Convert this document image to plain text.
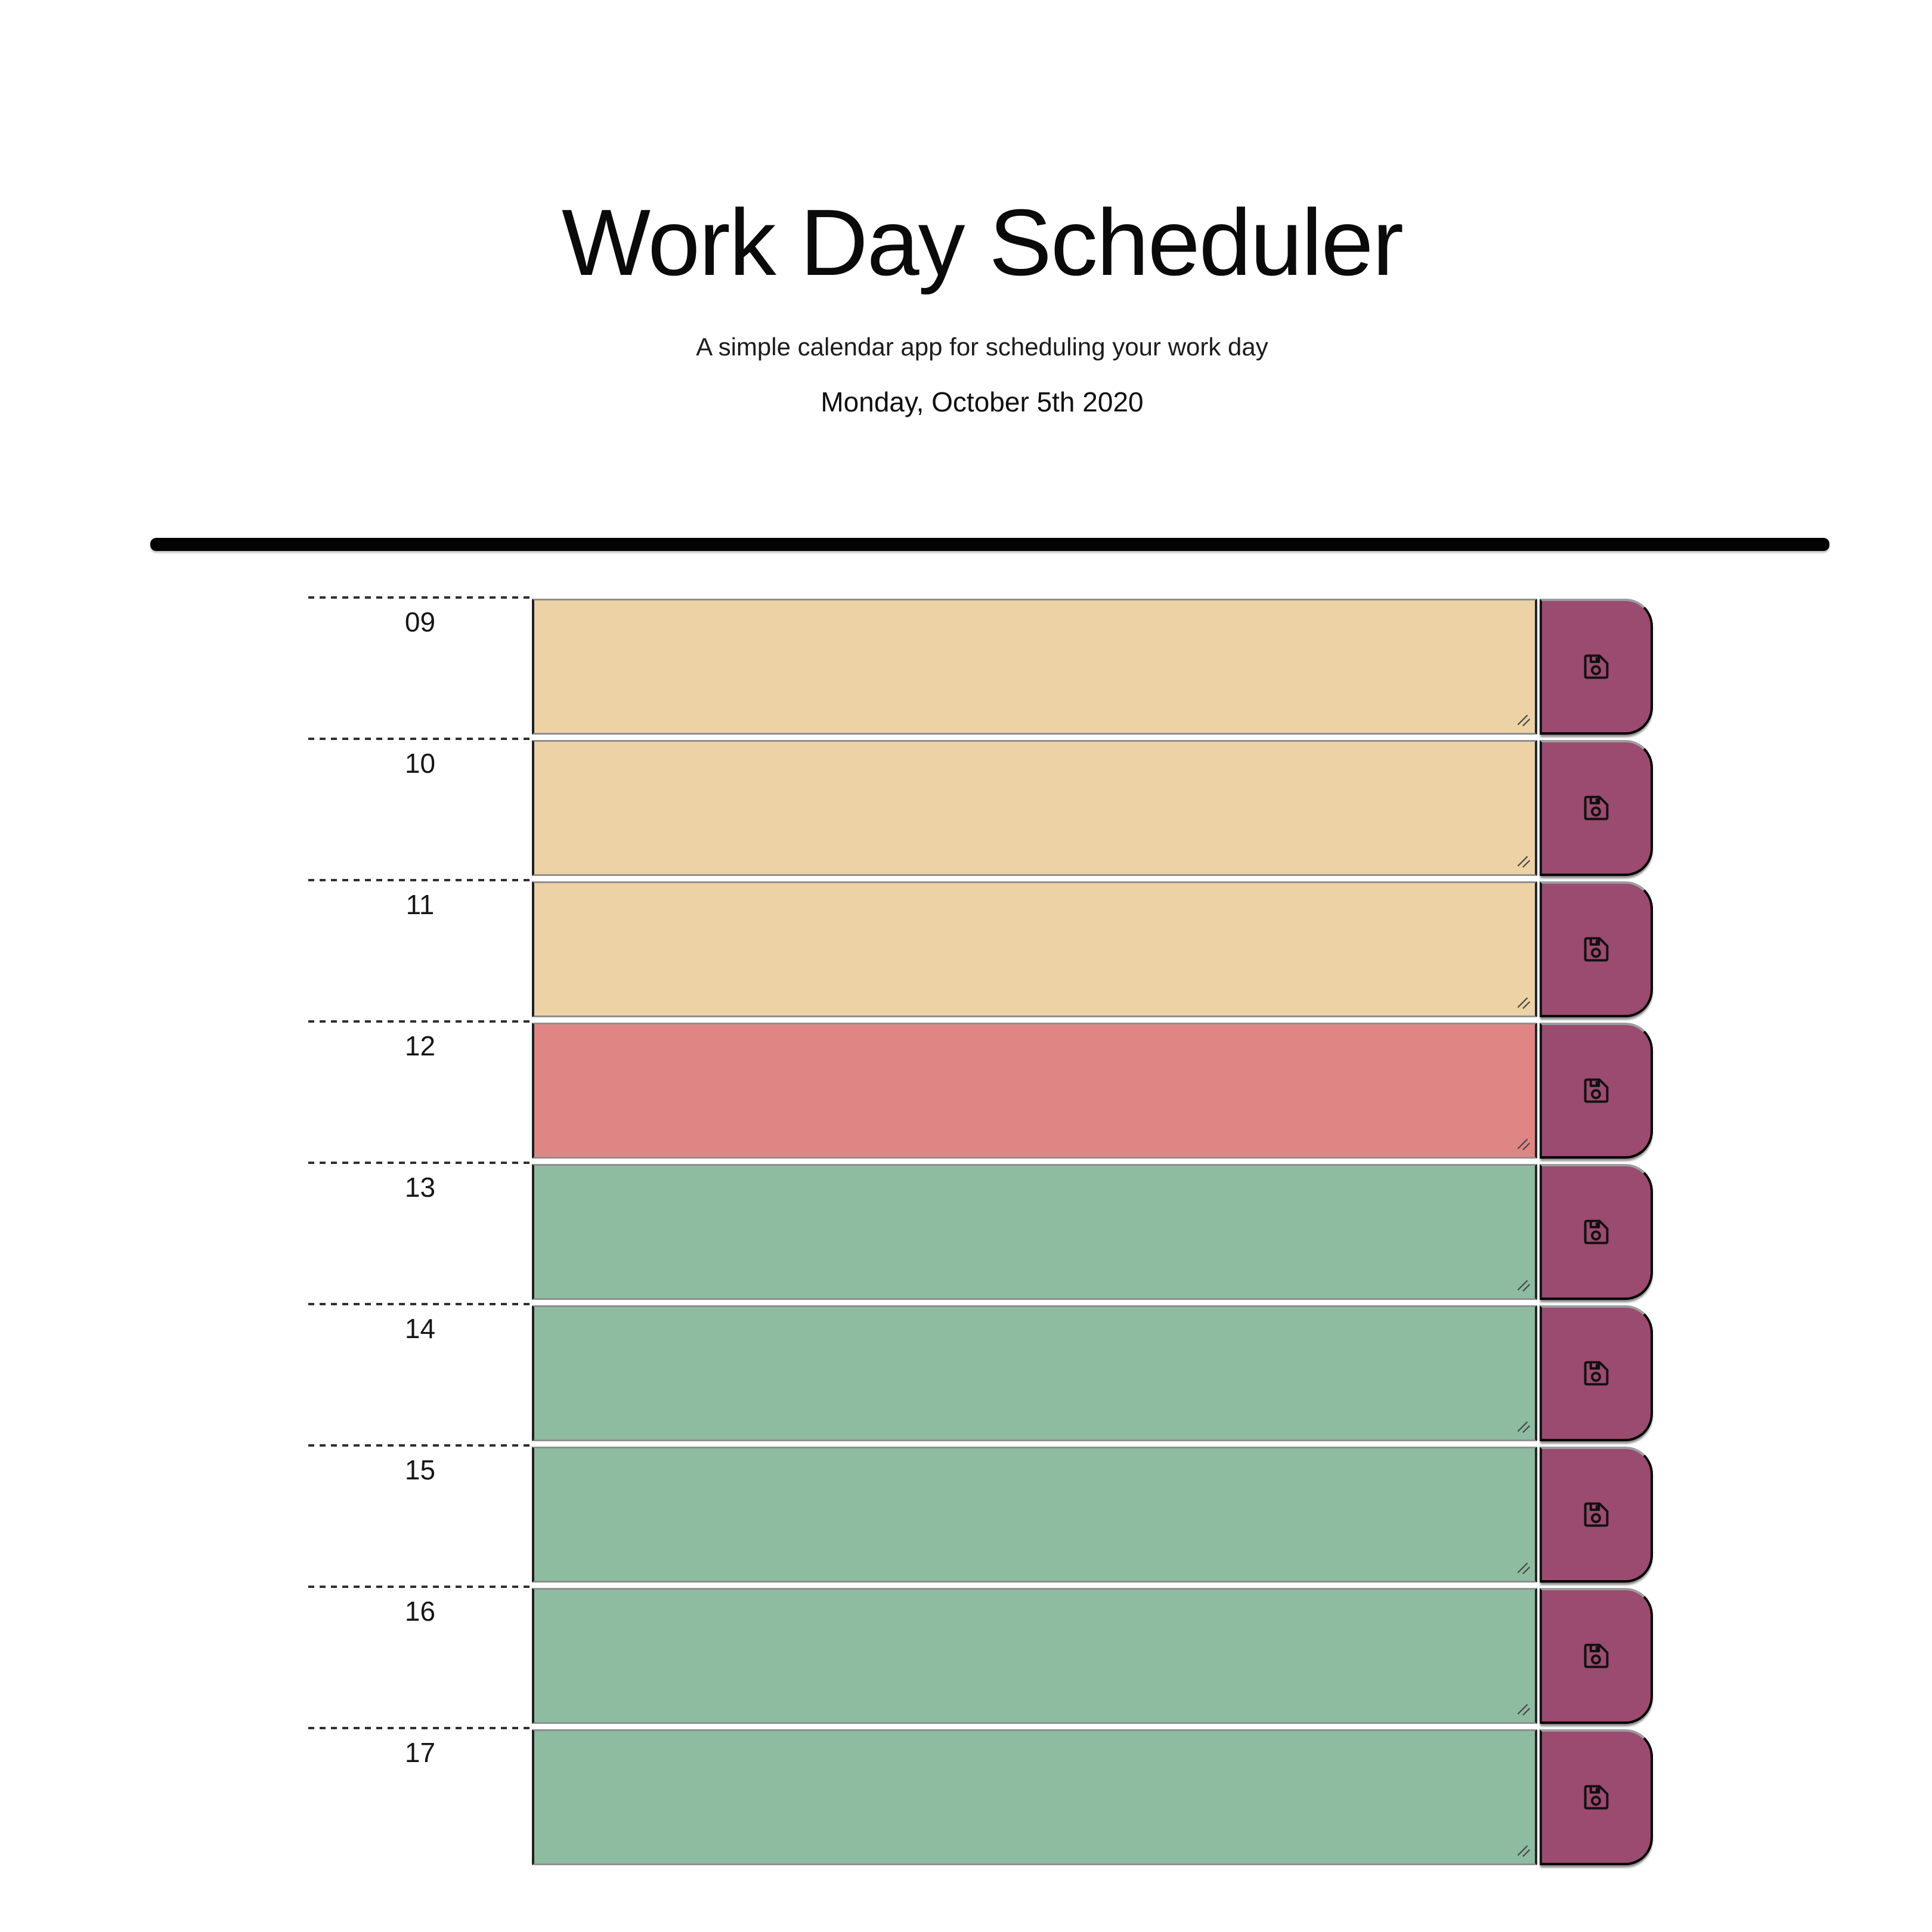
Work Day Scheduler

A simple calendar app for scheduling your work day

Monday, October 5th 2020

09
10
11
12
13
14
15
16
17
